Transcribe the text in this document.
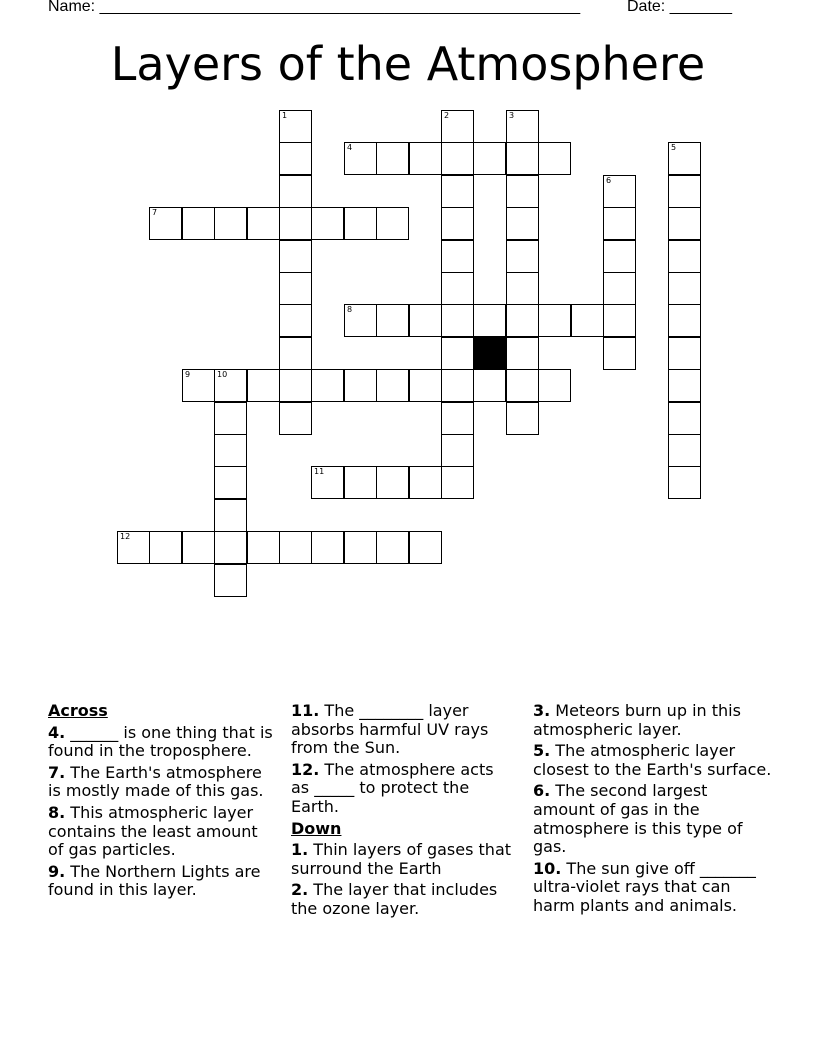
Name: ______________________________________________________	Date: _______
Layers of the Atmosphere
1	2	3
4	5
6
7
8
9	10
11
12
Across
4. ______ is one thing that is found in the troposphere.
7. The Earth's atmosphere is mostly made of this gas.
8. This atmospheric layer contains the least amount of gas particles.
9. The Northern Lights are found in this layer.
11. The ________ layer absorbs harmful UV rays from the Sun.
12. The atmosphere acts as _____ to protect the Earth.
Down
1. Thin layers of gases that surround the Earth
2. The layer that includes the ozone layer.
3. Meteors burn up in this atmospheric layer.
5. The atmospheric layer closest to the Earth's surface.
6. The second largest amount of gas in the atmosphere is this type of gas.
10. The sun give off _______ ultra-violet rays that can harm plants and animals.
